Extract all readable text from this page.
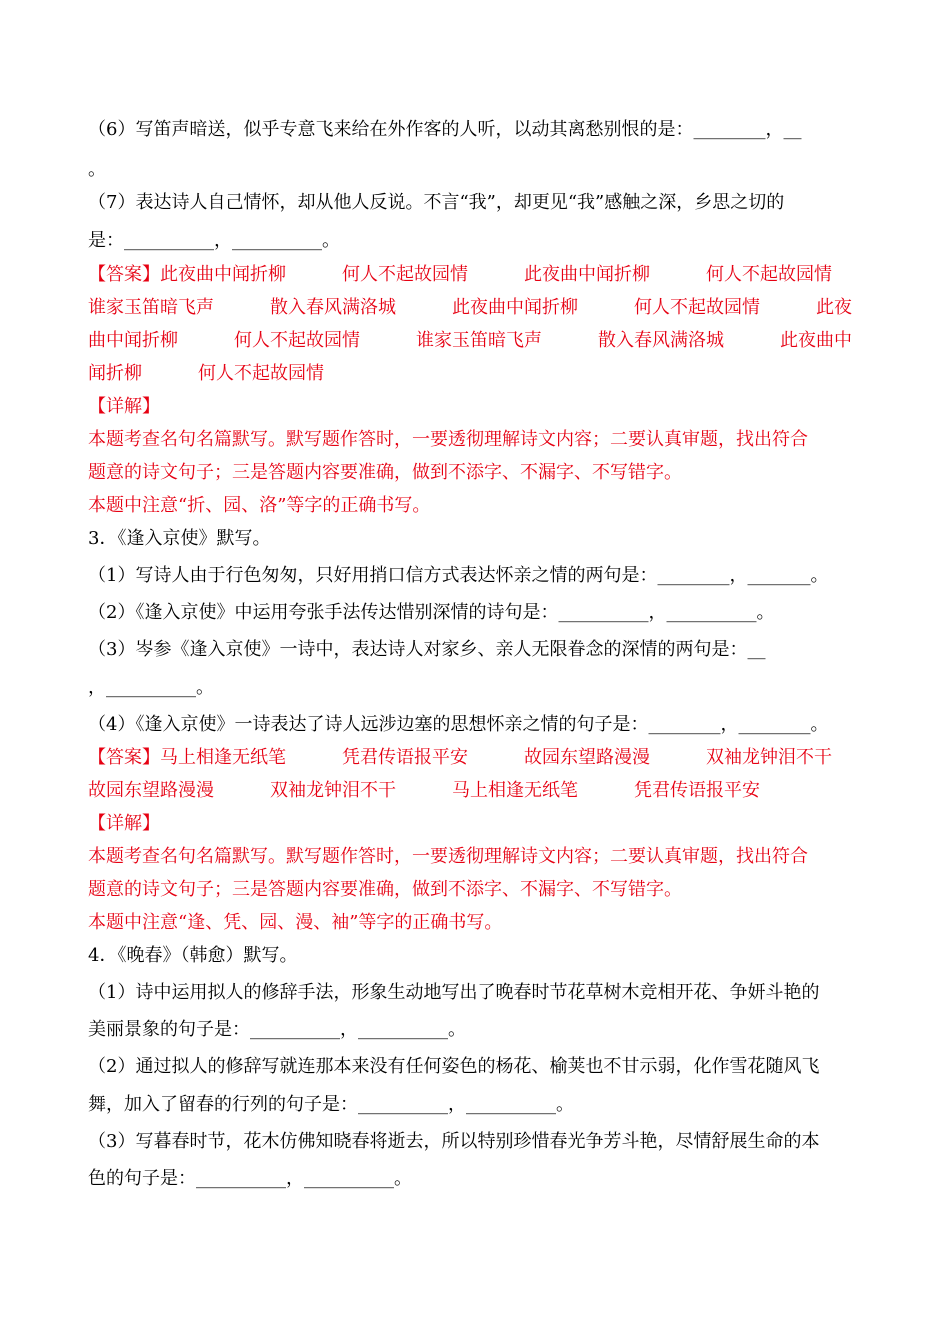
（6）写笛声暗送，似乎专意飞来给在外作客的人听，以动其离愁别恨的是：________，__
。
（7）表达诗人自己情怀，却从他人反说。不言“我”，却更见“我”感触之深，乡思之切的
是：__________，__________。
【答案】此夜曲中闻折柳	何人不起故园情	此夜曲中闻折柳	何人不起故园情
谁家玉笛暗飞声	散入春风满洛城	此夜曲中闻折柳	何人不起故园情	此夜
曲中闻折柳	何人不起故园情	谁家玉笛暗飞声	散入春风满洛城	此夜曲中
闻折柳	何人不起故园情
【详解】
本题考查名句名篇默写。默写题作答时，一要透彻理解诗文内容；二要认真审题，找出符合
题意的诗文句子；三是答题内容要准确，做到不添字、不漏字、不写错字。
本题中注意“折、园、洛”等字的正确书写。
3．《逢入京使》默写。
（1）写诗人由于行色匆匆，只好用捎口信方式表达怀亲之情的两句是：________，_______。
（2）《逢入京使》中运用夸张手法传达惜别深情的诗句是：__________，__________。
（3）岑参《逢入京使》一诗中，表达诗人对家乡、亲人无限眷念的深情的两句是：__
，__________。
（4）《逢入京使》一诗表达了诗人远涉边塞的思想怀亲之情的句子是：________，________。
【答案】马上相逢无纸笔	凭君传语报平安	故园东望路漫漫	双袖龙钟泪不干
故园东望路漫漫	双袖龙钟泪不干	马上相逢无纸笔	凭君传语报平安
【详解】
本题考查名句名篇默写。默写题作答时，一要透彻理解诗文内容；二要认真审题，找出符合
题意的诗文句子；三是答题内容要准确，做到不添字、不漏字、不写错字。
本题中注意“逢、凭、园、漫、袖”等字的正确书写。
4．《晚春》（韩愈）默写。
（1）诗中运用拟人的修辞手法，形象生动地写出了晚春时节花草树木竞相开花、争妍斗艳的
美丽景象的句子是：__________，__________。
（2）通过拟人的修辞写就连那本来没有任何姿色的杨花、榆荚也不甘示弱，化作雪花随风飞
舞，加入了留春的行列的句子是：__________，__________。
（3）写暮春时节，花木仿佛知晓春将逝去，所以特别珍惜春光争芳斗艳，尽情舒展生命的本
色的句子是：__________，__________。
